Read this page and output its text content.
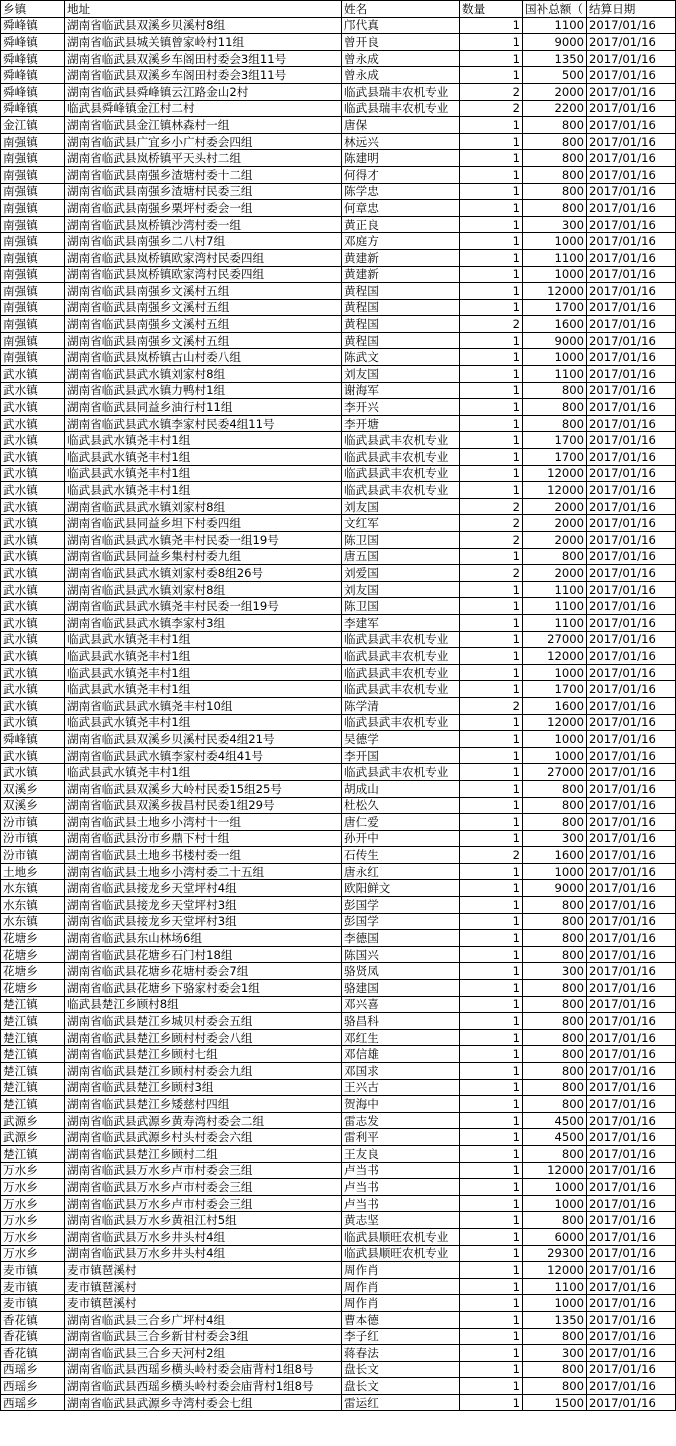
乡镇	地址	姓名	数量	国补总额（	结算日期
舜峰镇	湖南省临武县双溪乡贝溪村8组	邝代真	1	1100	2017/01/16
舜峰镇	湖南省临武县城关镇曾家岭村11组	曾开良	1	9000	2017/01/16
舜峰镇	湖南省临武县双溪乡车阁田村委会3组11号	曾永成	1	1350	2017/01/16
舜峰镇	湖南省临武县双溪乡车阁田村委会3组11号	曾永成	1	500	2017/01/16
舜峰镇	湖南省临武县舜峰镇云江路金山2村	临武县瑞丰农机专业	2	2000	2017/01/16
舜峰镇	临武县舜峰镇金江村二村	临武县瑞丰农机专业	2	2200	2017/01/16
金江镇	湖南省临武县金江镇林森村一组	唐保	1	800	2017/01/16
南强镇	湖南省临武县广宜乡小广村委会四组	林远兴	1	800	2017/01/16
南强镇	湖南省临武县岚桥镇平天头村二组	陈建明	1	800	2017/01/16
南强镇	湖南省临武县南强乡渣塘村委十二组	何得才	1	800	2017/01/16
南强镇	湖南省临武县南强乡渣塘村民委三组	陈学忠	1	800	2017/01/16
南强镇	湖南省临武县南强乡栗坪村委会一组	何章忠	1	800	2017/01/16
南强镇	湖南省临武县岚桥镇沙湾村委一组	黄正良	1	300	2017/01/16
南强镇	湖南省临武县南强乡二八村7组	邓庭方	1	1000	2017/01/16
南强镇	湖南省临武县岚桥镇欧家湾村民委四组	黄建新	1	1100	2017/01/16
南强镇	湖南省临武县岚桥镇欧家湾村民委四组	黄建新	1	1000	2017/01/16
南强镇	湖南省临武县南强乡文溪村五组	黄程国	1	12000	2017/01/16
南强镇	湖南省临武县南强乡文溪村五组	黄程国	1	1700	2017/01/16
南强镇	湖南省临武县南强乡文溪村五组	黄程国	2	1600	2017/01/16
南强镇	湖南省临武县南强乡文溪村五组	黄程国	1	9000	2017/01/16
南强镇	湖南省临武县岚桥镇古山村委八组	陈武文	1	1000	2017/01/16
武水镇	湖南省临武县武水镇刘家村8组	刘友国	1	1100	2017/01/16
武水镇	湖南省临武县武水镇力鸭村1组	谢海军	1	800	2017/01/16
武水镇	湖南省临武县同益乡油行村11组	李开兴	1	800	2017/01/16
武水镇	湖南省临武县武水镇李家村民委4组11号	李开塘	1	800	2017/01/16
武水镇	临武县武水镇尧丰村1组	临武县武丰农机专业	1	1700	2017/01/16
武水镇	临武县武水镇尧丰村1组	临武县武丰农机专业	1	1700	2017/01/16
武水镇	临武县武水镇尧丰村1组	临武县武丰农机专业	1	12000	2017/01/16
武水镇	临武县武水镇尧丰村1组	临武县武丰农机专业	1	12000	2017/01/16
武水镇	湖南省临武县武水镇刘家村8组	刘友国	2	2000	2017/01/16
武水镇	湖南省临武县同益乡坦下村委四组	文红军	2	2000	2017/01/16
武水镇	湖南省临武县武水镇尧丰村民委一组19号	陈卫国	2	2000	2017/01/16
武水镇	湖南省临武县同益乡集村村委九组	唐五国	1	800	2017/01/16
武水镇	湖南省临武县武水镇刘家村委8组26号	刘爱国	2	2000	2017/01/16
武水镇	湖南省临武县武水镇刘家村8组	刘友国	1	1100	2017/01/16
武水镇	湖南省临武县武水镇尧丰村民委一组19号	陈卫国	1	1100	2017/01/16
武水镇	湖南省临武县武水镇李家村3组	李建军	1	1100	2017/01/16
武水镇	临武县武水镇尧丰村1组	临武县武丰农机专业	1	27000	2017/01/16
武水镇	临武县武水镇尧丰村1组	临武县武丰农机专业	1	12000	2017/01/16
武水镇	临武县武水镇尧丰村1组	临武县武丰农机专业	1	1000	2017/01/16
武水镇	临武县武水镇尧丰村1组	临武县武丰农机专业	1	1700	2017/01/16
武水镇	湖南省临武县武水镇尧丰村10组	陈学清	2	1600	2017/01/16
武水镇	临武县武水镇尧丰村1组	临武县武丰农机专业	1	12000	2017/01/16
舜峰镇	湖南省临武县双溪乡贝溪村民委4组21号	吴德学	1	1000	2017/01/16
武水镇	湖南省临武县武水镇李家村委4组41号	李开国	1	1000	2017/01/16
武水镇	临武县武水镇尧丰村1组	临武县武丰农机专业	1	27000	2017/01/16
双溪乡	湖南省临武县双溪乡大岭村民委15组25号	胡成山	1	800	2017/01/16
双溪乡	湖南省临武县双溪乡拔昌村民委1组29号	杜松久	1	800	2017/01/16
汾市镇	湖南省临武县土地乡小湾村十一组	唐仁爱	1	800	2017/01/16
汾市镇	湖南省临武县汾市乡鼎下村十组	孙开中	1	300	2017/01/16
汾市镇	湖南省临武县土地乡书楼村委一组	石传生	2	1600	2017/01/16
土地乡	湖南省临武县土地乡小湾村委二十五组	唐永红	1	1000	2017/01/16
水东镇	湖南省临武县接龙乡天堂坪村4组	欧阳鲜文	1	9000	2017/01/16
水东镇	湖南省临武县接龙乡天堂坪村3组	彭国学	1	800	2017/01/16
水东镇	湖南省临武县接龙乡天堂坪村3组	彭国学	1	800	2017/01/16
花塘乡	湖南省临武县东山林场6组	李德国	1	800	2017/01/16
花塘乡	湖南省临武县花塘乡石门村18组	陈国兴	1	800	2017/01/16
花塘乡	湖南省临武县花塘乡花塘村委会7组	骆贤凤	1	300	2017/01/16
花塘乡	湖南省临武县花塘乡下骆家村委会1组	骆建国	1	800	2017/01/16
楚江镇	临武县楚江乡顾村8组	邓兴喜	1	800	2017/01/16
楚江镇	湖南省临武县楚江乡城贝村委会五组	骆昌科	1	800	2017/01/16
楚江镇	湖南省临武县楚江乡顾村村委会八组	邓红生	1	800	2017/01/16
楚江镇	湖南省临武县楚江乡顾村七组	邓信雄	1	800	2017/01/16
楚江镇	湖南省临武县楚江乡顾村村委会九组	邓国求	1	800	2017/01/16
楚江镇	湖南省临武县楚江乡顾村3组	王兴古	1	800	2017/01/16
楚江镇	湖南省临武县楚江乡矮慈村四组	贺海中	1	800	2017/01/16
武源乡	湖南省临武县武源乡黄寿湾村委会二组	雷志发	1	4500	2017/01/16
武源乡	湖南省临武县武源乡村头村委会六组	雷利平	1	4500	2017/01/16
楚江镇	湖南省临武县楚江乡顾村二组	王友良	1	800	2017/01/16
万水乡	湖南省临武县万水乡卢市村委会三组	卢当书	1	12000	2017/01/16
万水乡	湖南省临武县万水乡卢市村委会三组	卢当书	1	1000	2017/01/16
万水乡	湖南省临武县万水乡卢市村委会三组	卢当书	1	1000	2017/01/16
万水乡	湖南省临武县万水乡黄祖江村5组	黄志坚	1	800	2017/01/16
万水乡	湖南省临武县万水乡井头村4组	临武县顺旺农机专业	1	6000	2017/01/16
万水乡	湖南省临武县万水乡井头村4组	临武县顺旺农机专业	1	29300	2017/01/16
麦市镇	麦市镇琶溪村	周作肖	1	12000	2017/01/16
麦市镇	麦市镇琶溪村	周作肖	1	1100	2017/01/16
麦市镇	麦市镇琶溪村	周作肖	1	1000	2017/01/16
香花镇	湖南省临武县三合乡广坪村4组	曹本德	1	1350	2017/01/16
香花镇	湖南省临武县三合乡新甘村委会3组	李子红	1	800	2017/01/16
香花镇	湖南省临武县三合乡天河村2组	蒋春法	1	300	2017/01/16
西瑶乡	湖南省临武县西瑶乡横头岭村委会庙背村1组8号	盘长文	1	800	2017/01/16
西瑶乡	湖南省临武县西瑶乡横头岭村委会庙背村1组8号	盘长文	1	800	2017/01/16
西瑶乡	湖南省临武县武源乡寺湾村委会七组	雷运红	1	1500	2017/01/16
